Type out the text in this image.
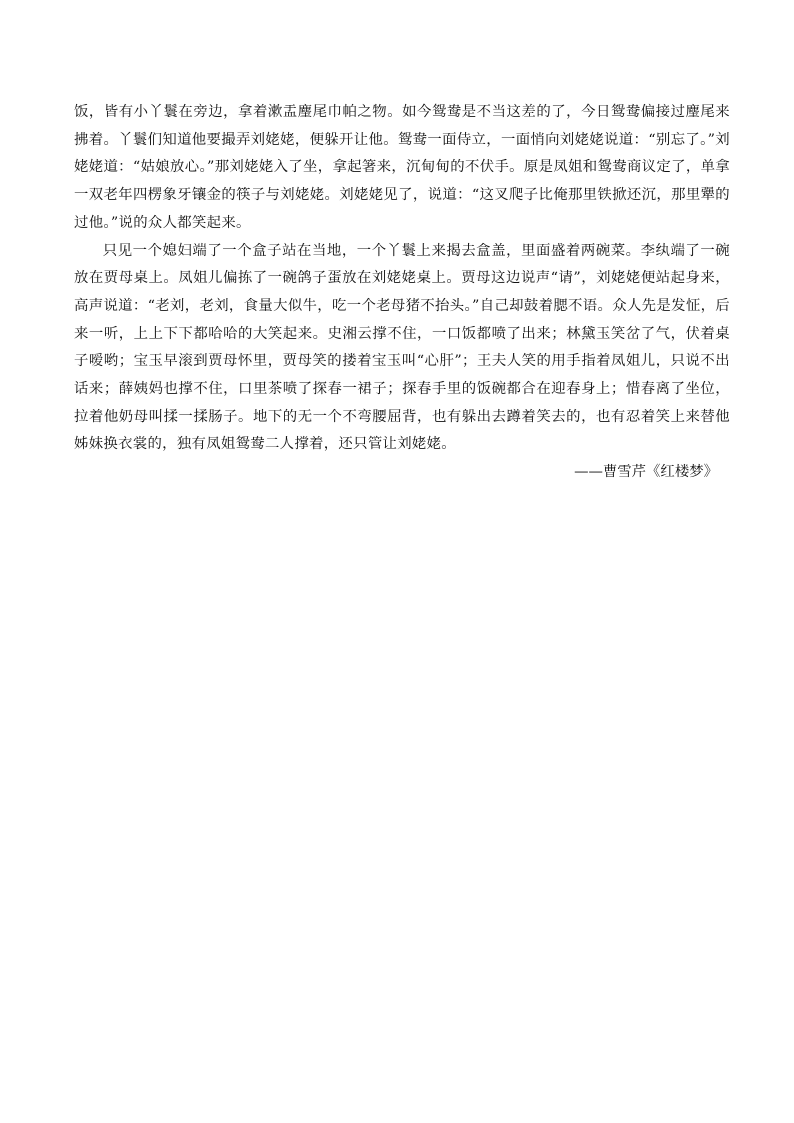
饭，皆有小丫鬟在旁边，拿着漱盂麈尾巾帕之物。如今鸳鸯是不当这差的了，今日鸳鸯偏接过麈尾来拂着。丫鬟们知道他要撮弄刘姥姥，便躲开让他。鸳鸯一面侍立，一面悄向刘姥姥说道：“别忘了。”刘姥姥道：“姑娘放心。”那刘姥姥入了坐，拿起箸来，沉甸甸的不伏手。原是凤姐和鸳鸯商议定了，单拿一双老年四楞象牙镶金的筷子与刘姥姥。刘姥姥见了，说道：“这叉爬子比俺那里铁掀还沉，那里犟的过他。”说的众人都笑起来。

只见一个媳妇端了一个盒子站在当地，一个丫鬟上来揭去盒盖，里面盛着两碗菜。李纨端了一碗放在贾母桌上。凤姐儿偏拣了一碗鸽子蛋放在刘姥姥桌上。贾母这边说声“请”，刘姥姥便站起身来，高声说道：“老刘，老刘，食量大似牛，吃一个老母猪不抬头。”自己却鼓着腮不语。众人先是发怔，后来一听，上上下下都哈哈的大笑起来。史湘云撑不住，一口饭都喷了出来；林黛玉笑岔了气，伏着桌子嗳哟；宝玉早滚到贾母怀里，贾母笑的搂着宝玉叫“心肝”；王夫人笑的用手指着凤姐儿，只说不出话来；薛姨妈也撑不住，口里茶喷了探春一裙子；探春手里的饭碗都合在迎春身上；惜春离了坐位，拉着他奶母叫揉一揉肠子。地下的无一个不弯腰屈背，也有躲出去蹲着笑去的，也有忍着笑上来替他姊妹换衣裳的，独有凤姐鸳鸯二人撑着，还只管让刘姥姥。

——曹雪芹《红楼梦》
